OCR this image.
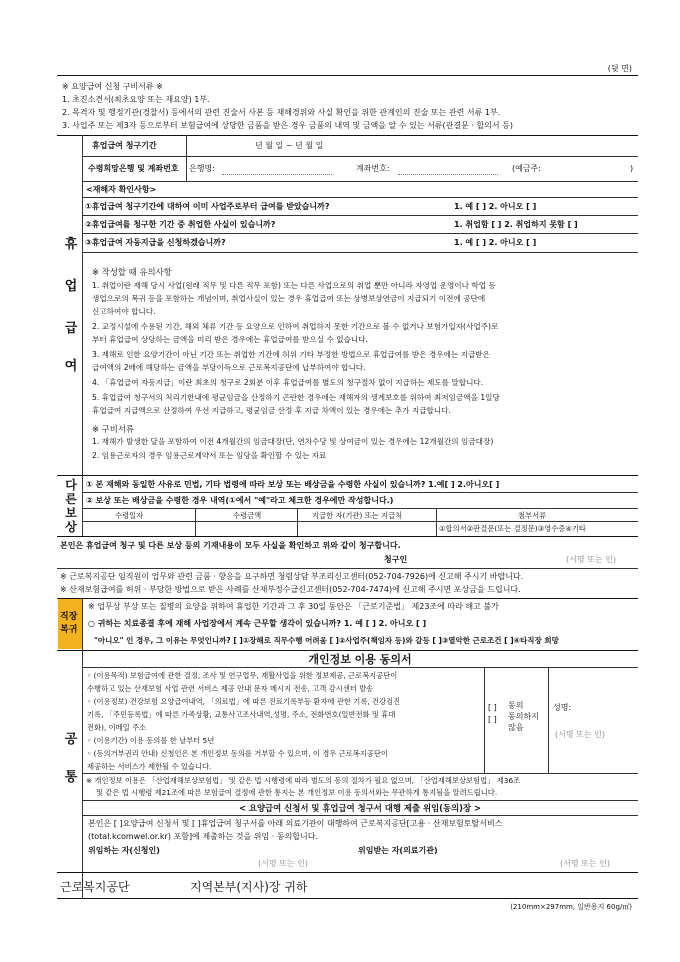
(뒷 면)
※ 요양급여 신청 구비서류 ※
1. 초진소견서(최초요양 또는 재요양) 1부.
2. 목격자 및 행정기관(경찰서) 등에서의 관련 진술서 사본 등 재해경위와 사실 확인을 위한 관계인의 진술 또는 관련 서류 1부.
3. 사업주 또는 제3자 등으로부터 보험급여에 상당한 금품을 받은 경우 금품의 내역 및 금액을 알 수 있는 서류(관결문 · 합의서 등)
휴
업
급
여
휴업급여 청구기간	년 월 일 ~ 년 월 일
수령희망은행 및 계좌번호 은행명:	계좌번호:	(예금주:	)
<재해자 확인사항>
①휴업급여 청구기간에 대하여 이미 사업주로부터 급여를 받았습니까?	1. 예 [ ] 2. 아니오 [ ]
②휴업급여를 청구한 기간 중 취업한 사실이 있습니까?	1. 취업함 [ ] 2. 취업하지 못함 [ ]
③휴업급여 자동지급을 신청하겠습니까?	1. 예 [ ] 2. 아니오 [ ]
※ 작성할 때 유의사항
1. 취업이란 재해 당시 사업(원래 직무 및 다른 직무 포함) 또는 다른 사업으로의 취업 뿐만 아니라 자영업 운영이나 학업 등
생업으로의 복귀 등을 포함하는 개념이며, 취업사실이 있는 경우 휴업급여 또는 상병보상연금이 지급되기 이전에 공단에
신고하여야 합니다.
2. 교정시설에 수용된 기간, 해외 체류 기간 등 요양으로 인하여 취업하지 못한 기간으로 볼 수 없거나 보험가입자(사업주)로
부터 휴업급여 상당하는 금액을 미리 받은 경우에는 휴업급여를 받으실 수 없습니다.
3. 재해로 인한 요양기간이 아닌 기간 또는 취업한 기간에 허위 기타 부정한 방법으로 휴업급여를 받은 경우에는 지급받은
급여액의 2배에 해당하는 금액을 부당이득으로 근로복지공단에 납부하여야 합니다.
4. 「휴업급여 자동지급」이란 최초의 청구로 2회분 이후 휴업급여를 별도의 청구절차 없이 지급하는 제도를 말합니다.
5. 휴업급여 청구서의 처리기한내에 평균임금을 산정하기 곤란한 경우에는 재해자의 생계보호를 위하여 최저임금액을 1일당
휴업급여 지급액으로 산정하여 우선 지급하고, 평균임금 산정 후 지급 차액이 있는 경우에는 추가 지급합니다.
※ 구비서류
1. 재해가 발생한 달을 포함하여 이전 4개월간의 임금대장(단, 연차수당 및 상여금이 있는 경우에는 12개월간의 임금대장)
2. 임용근로자의 경우 임용근로계약서 또는 임당을 확인할 수 있는 자료
다
른
보
상
① 본 재해와 동일한 사유로 민법, 기타 법령에 따라 보상 또는 배상금을 수령한 사실이 있습니까? 1.예[ ] 2.아니오[ ]
② 보상 또는 배상금을 수령한 경우 내역(①에서 "예"라고 체크한 경우에만 작성합니다.)
수령일자	수령금액	지급한 자(기관) 또는 지급처	첨부서류
①합의서②판결문(또는 결정문)③영수증④기타
본인은 휴업급여 청구 및 다른 보상 등의 기재내용이 모두 사실을 확인하고 위와 같이 청구합니다.
청구인	(서명 또는 인)
※ 근로복지공단 임직원이 업무와 관련 금품 · 향응을 요구하면 청렴상담 부조리신고센터(052-704-7926)에 신고해 주시기 바랍니다.
※ 산재보험급여를 허위 · 부당한 방법으로 받은 사례를 산재부정수급신고센터(052-704-7474)에 신고해 주시면 포상금을 드립니다.
직장
복귀
※ 업무상 부상 또는 질병의 요양을 위하여 휴업한 기간과 그 후 30일 동안은 「근로기준법」 제23조에 따라 해고 불가
○ 귀하는 치료종결 후에 재해 사업장에서 계속 근무할 생각이 있습니까? 1. 예 [ ] 2. 아니오 [ ]
"아니오" 인 경우, 그 이유는 무엇인니까? [ ]①장해로 직무수행 어려움 [ ]②사업주(책임자 등)와 갈등 [ ]③열악한 근로조건 [ ]④타직장 희망
공
통
개인정보 이용 동의서
◦ (이용목적) 보험급여에 관한 결정, 조사 및 연구업무, 재활사업을 위한 정보제공, 근로복지공단이
수행하고 있는 산재보험 사업 관련 서비스 제공 안내 문자 메시지 전송, 고객 감시센터 발송
◦ (이용정보) 건강보험 요양급여내역, 「의료법」에 따른 진료기록부등 환자에 관한 기록, 건강검진
기록, 「주민등록법」에 따른 가족상황, 교통사고조사내역,성명, 주소, 전화번호(일반전화 및 휴대
전화), 이메일 주소
◦ (이용기간) 이용 동의를 한 날부터 5년
◦ (동의거부권리 안내) 신청인은 본 개인정보 동의를 거부할 수 있으며, 이 경우 근로복지공단이
제공하는 서비스가 제한될 수 있습니다.
[ ]
[ ]
동의
동의하지
않음
성명:
(서명 또는 인)
※ 개인정보 이용은 「산업재해보상보험법」 및 같은 법 시행령에 따라 별도의 동의 절차가 필요 없으며, 「산업재해보상보험법」 제36조
및 같은 법 시행령 제21조에 따른 보험급여 결정에 관한 통지는 본 개인정보 이용 동의서와는 무관하게 통지됨을 알려드립니다.
< 요양급여 신청서 및 휴업급여 청구서 대행 제출 위임(동의)장 >
본인은 [ ]요양급여 신청서 및 [ ]휴업급여 청구서를 아래 의료기관이 대행하여 근로복지공단[고용 · 산재보험토탈서비스
(total.kcomwel.or.kr) 포함]에 제출하는 것을 위임 · 동의합니다.
위임하는 자(신청인)
(서명 또는 인)
위임받는 자(의료기관)
(서명 또는 인)
근로복지공단	지역본부(지사)장 귀하
(210mm×297mm, 일반용지 60g/㎡)
